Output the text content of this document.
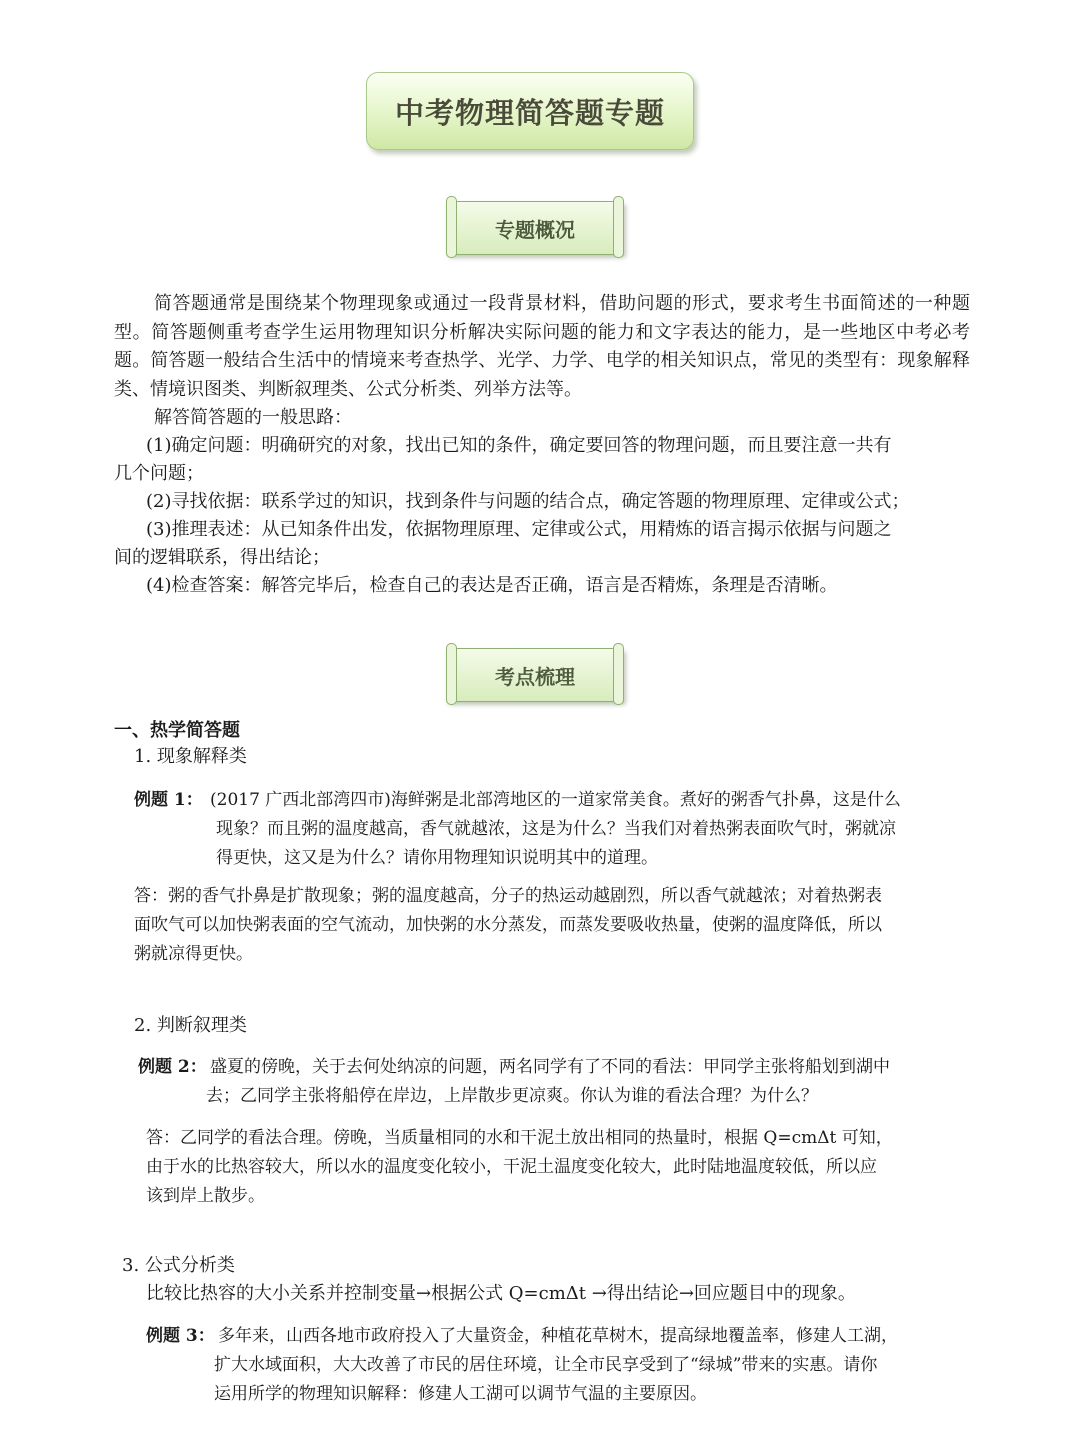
中考物理简答题专题
专题概况

简答题通常是围绕某个物理现象或通过一段背景材料，借助问题的形式，要求考生书面简述的一种题型。简答题侧重考查学生运用物理知识分析解决实际问题的能力和文字表达的能力，是一些地区中考必考题。简答题一般结合生活中的情境来考查热学、光学、力学、电学的相关知识点，常见的类型有：现象解释类、情境识图类、判断叙理类、公式分析类、列举方法等。

解答简答题的一般思路：
(1)确定问题：明确研究的对象，找出已知的条件，确定要回答的物理问题，而且要注意一共有
几个问题；
(2)寻找依据：联系学过的知识，找到条件与问题的结合点，确定答题的物理原理、定律或公式；
(3)推理表述：从已知条件出发，依据物理原理、定律或公式，用精炼的语言揭示依据与问题之
间的逻辑联系，得出结论；
(4)检查答案：解答完毕后，检查自己的表达是否正确，语言是否精炼，条理是否清晰。
考点梳理
一、热学简答题
1. 现象解释类
例题 1： (2017 广西北部湾四市)海鲜粥是北部湾地区的一道家常美食。煮好的粥香气扑鼻，这是什么
现象？而且粥的温度越高，香气就越浓，这是为什么？当我们对着热粥表面吹气时，粥就凉
得更快，这又是为什么？请你用物理知识说明其中的道理。
答：粥的香气扑鼻是扩散现象；粥的温度越高，分子的热运动越剧烈，所以香气就越浓；对着热粥表
面吹气可以加快粥表面的空气流动，加快粥的水分蒸发，而蒸发要吸收热量，使粥的温度降低，所以
粥就凉得更快。
2. 判断叙理类
例题 2： 盛夏的傍晚，关于去何处纳凉的问题，两名同学有了不同的看法：甲同学主张将船划到湖中
去；乙同学主张将船停在岸边，上岸散步更凉爽。你认为谁的看法合理？为什么？
答：乙同学的看法合理。傍晚，当质量相同的水和干泥土放出相同的热量时，根据 Q=cmΔt 可知，
由于水的比热容较大，所以水的温度变化较小，干泥土温度变化较大，此时陆地温度较低，所以应
该到岸上散步。
3. 公式分析类
比较比热容的大小关系并控制变量→根据公式 Q=cmΔt →得出结论→回应题目中的现象。
例题 3： 多年来，山西各地市政府投入了大量资金，种植花草树木，提高绿地覆盖率，修建人工湖，
扩大水域面积，大大改善了市民的居住环境，让全市民享受到了“绿城”带来的实惠。请你
运用所学的物理知识解释：修建人工湖可以调节气温的主要原因。
